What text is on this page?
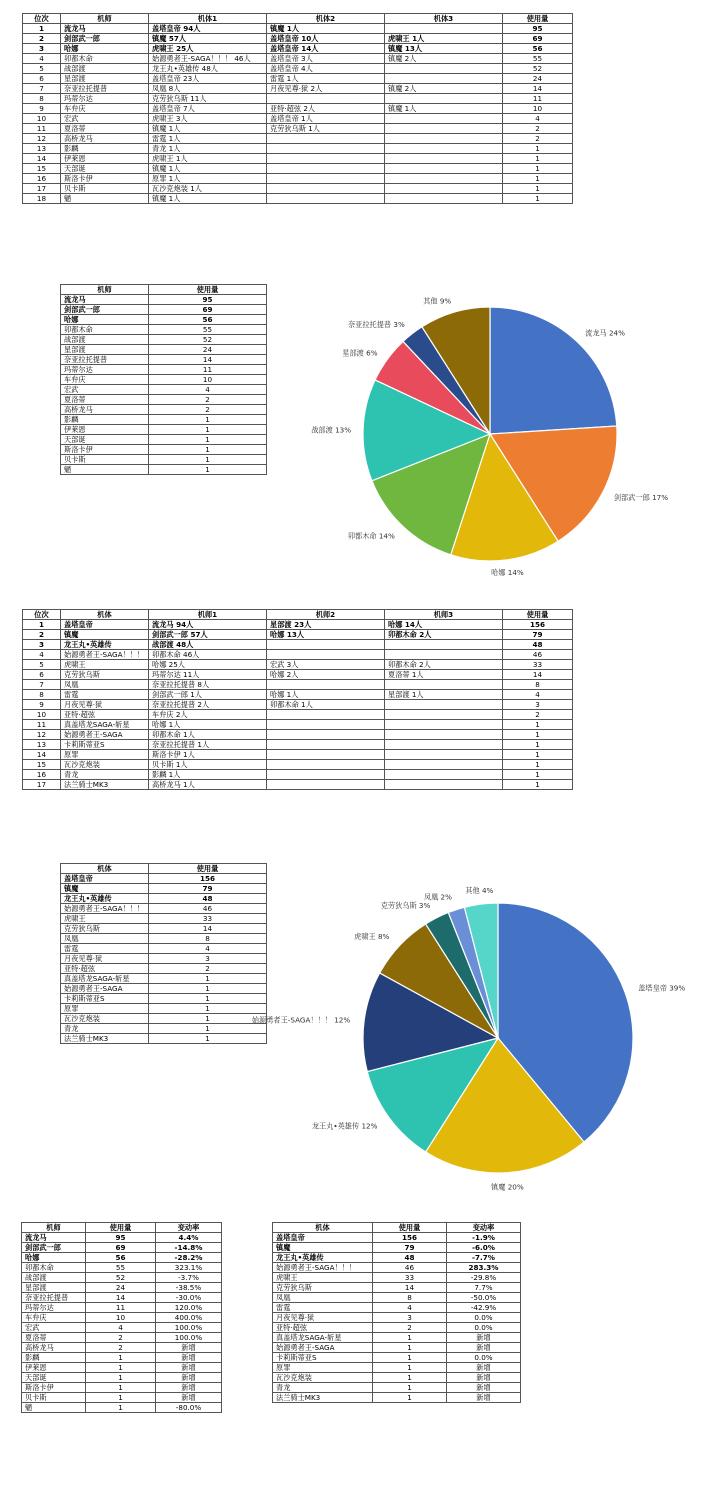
位次	机师	机体1	机体2	机体3	使用量
1	流龙马	盖塔皇帝 94人	镇魔 1人		95
2	剑部武一郎	镇魔 57人	盖塔皇帝 10人	虎啸王 1人	69
3	哈娜	虎啸王 25人	盖塔皇帝 14人	镇魔 13人	56
4	卯都木命	始源勇者王-SAGA！！！ 46人	盖塔皇帝 3人	镇魔 2人	55
5	战部渡	龙王丸•英雄传 48人	盖塔皇帝 4人		52
6	星部渡	盖塔皇帝 23人	雷霆 1人		24
7	奈亚拉托提普	凤凰 8人	月夜见尊·狱 2人	镇魔 2人	14
8	玛蒂尔达	克劳狄乌斯 11人			11
9	车弁庆	盖塔皇帝 7人	亚特·超弦 2人	镇魔 1人	10
10	宏武	虎啸王 3人	盖塔皇帝 1人		4
11	夏洛蒂	镇魔 1人	克劳狄乌斯 1人		2
12	高桥龙马	雷霆 1人			2
13	影麟	青龙 1人			1
14	伊莱恩	虎啸王 1人			1
15	天部诞	镇魔 1人			1
16	斯洛卡伊	原罪 1人			1
17	贝卡斯	瓦沙克炮装 1人			1
18	魈	镇魔 1人			1
机师	使用量
流龙马	95
剑部武一郎	69
哈娜	56
卯都木命	55
战部渡	52
星部渡	24
奈亚拉托提普	14
玛蒂尔达	11
车弁庆	10
宏武	4
夏洛蒂	2
高桥龙马	2
影麟	1
伊莱恩	1
天部诞	1
斯洛卡伊	1
贝卡斯	1
魈	1
流龙马 24%
剑部武一郎 17%
哈娜 14%
卯都木命 14%
战部渡 13%
星部渡 6%
奈亚拉托提普 3%
其他 9%
位次	机体	机师1	机师2	机师3	使用量
1	盖塔皇帝	流龙马 94人	星部渡 23人	哈娜 14人	156
2	镇魔	剑部武一郎 57人	哈娜 13人	卯都木命 2人	79
3	龙王丸•英雄传	战部渡 48人			48
4	始源勇者王-SAGA！！！	卯都木命 46人			46
5	虎啸王	哈娜 25人	宏武 3人	卯都木命 2人	33
6	克劳狄乌斯	玛蒂尔达 11人	哈娜 2人	夏洛蒂 1人	14
7	凤凰	奈亚拉托提普 8人			8
8	雷霆	剑部武一郎 1人	哈娜 1人	星部渡 1人	4
9	月夜见尊·狱	奈亚拉托提普 2人	卯都木命 1人		3
10	亚特·超弦	车弁庆 2人			2
11	真盖塔龙SAGA-斩星	哈娜 1人			1
12	始源勇者王-SAGA	卯都木命 1人			1
13	卡莉斯蒂亚S	奈亚拉托提普 1人			1
14	原罪	斯洛卡伊 1人			1
15	瓦沙克炮装	贝卡斯 1人			1
16	青龙	影麟 1人			1
17	法兰骑士MK3	高桥龙马 1人			1
机体	使用量
盖塔皇帝	156
镇魔	79
龙王丸•英雄传	48
始源勇者王-SAGA！！！	46
虎啸王	33
克劳狄乌斯	14
凤凰	8
雷霆	4
月夜见尊·狱	3
亚特·超弦	2
真盖塔龙SAGA-斩星	1
始源勇者王-SAGA	1
卡莉斯蒂亚S	1
原罪	1
瓦沙克炮装	1
青龙	1
法兰骑士MK3	1
盖塔皇帝 39%
镇魔 20%
龙王丸•英雄传 12%
始源勇者王-SAGA！！！ 12%
虎啸王 8%
克劳狄乌斯 3%
凤凰 2%
其他 4%
机师	使用量	变动率
流龙马	95	4.4%
剑部武一郎	69	-14.8%
哈娜	56	-28.2%
卯都木命	55	323.1%
战部渡	52	-3.7%
星部渡	24	-38.5%
奈亚拉托提普	14	-30.0%
玛蒂尔达	11	120.0%
车弁庆	10	400.0%
宏武	4	100.0%
夏洛蒂	2	100.0%
高桥龙马	2	新增
影麟	1	新增
伊莱恩	1	新增
天部诞	1	新增
斯洛卡伊	1	新增
贝卡斯	1	新增
魈	1	-80.0%
机体	使用量	变动率
盖塔皇帝	156	-1.9%
镇魔	79	-6.0%
龙王丸•英雄传	48	-7.7%
始源勇者王-SAGA！！！	46	283.3%
虎啸王	33	-29.8%
克劳狄乌斯	14	7.7%
凤凰	8	-50.0%
雷霆	4	-42.9%
月夜见尊·狱	3	0.0%
亚特·超弦	2	0.0%
真盖塔龙SAGA-斩星	1	新增
始源勇者王-SAGA	1	新增
卡莉斯蒂亚S	1	0.0%
原罪	1	新增
瓦沙克炮装	1	新增
青龙	1	新增
法兰骑士MK3	1	新增
